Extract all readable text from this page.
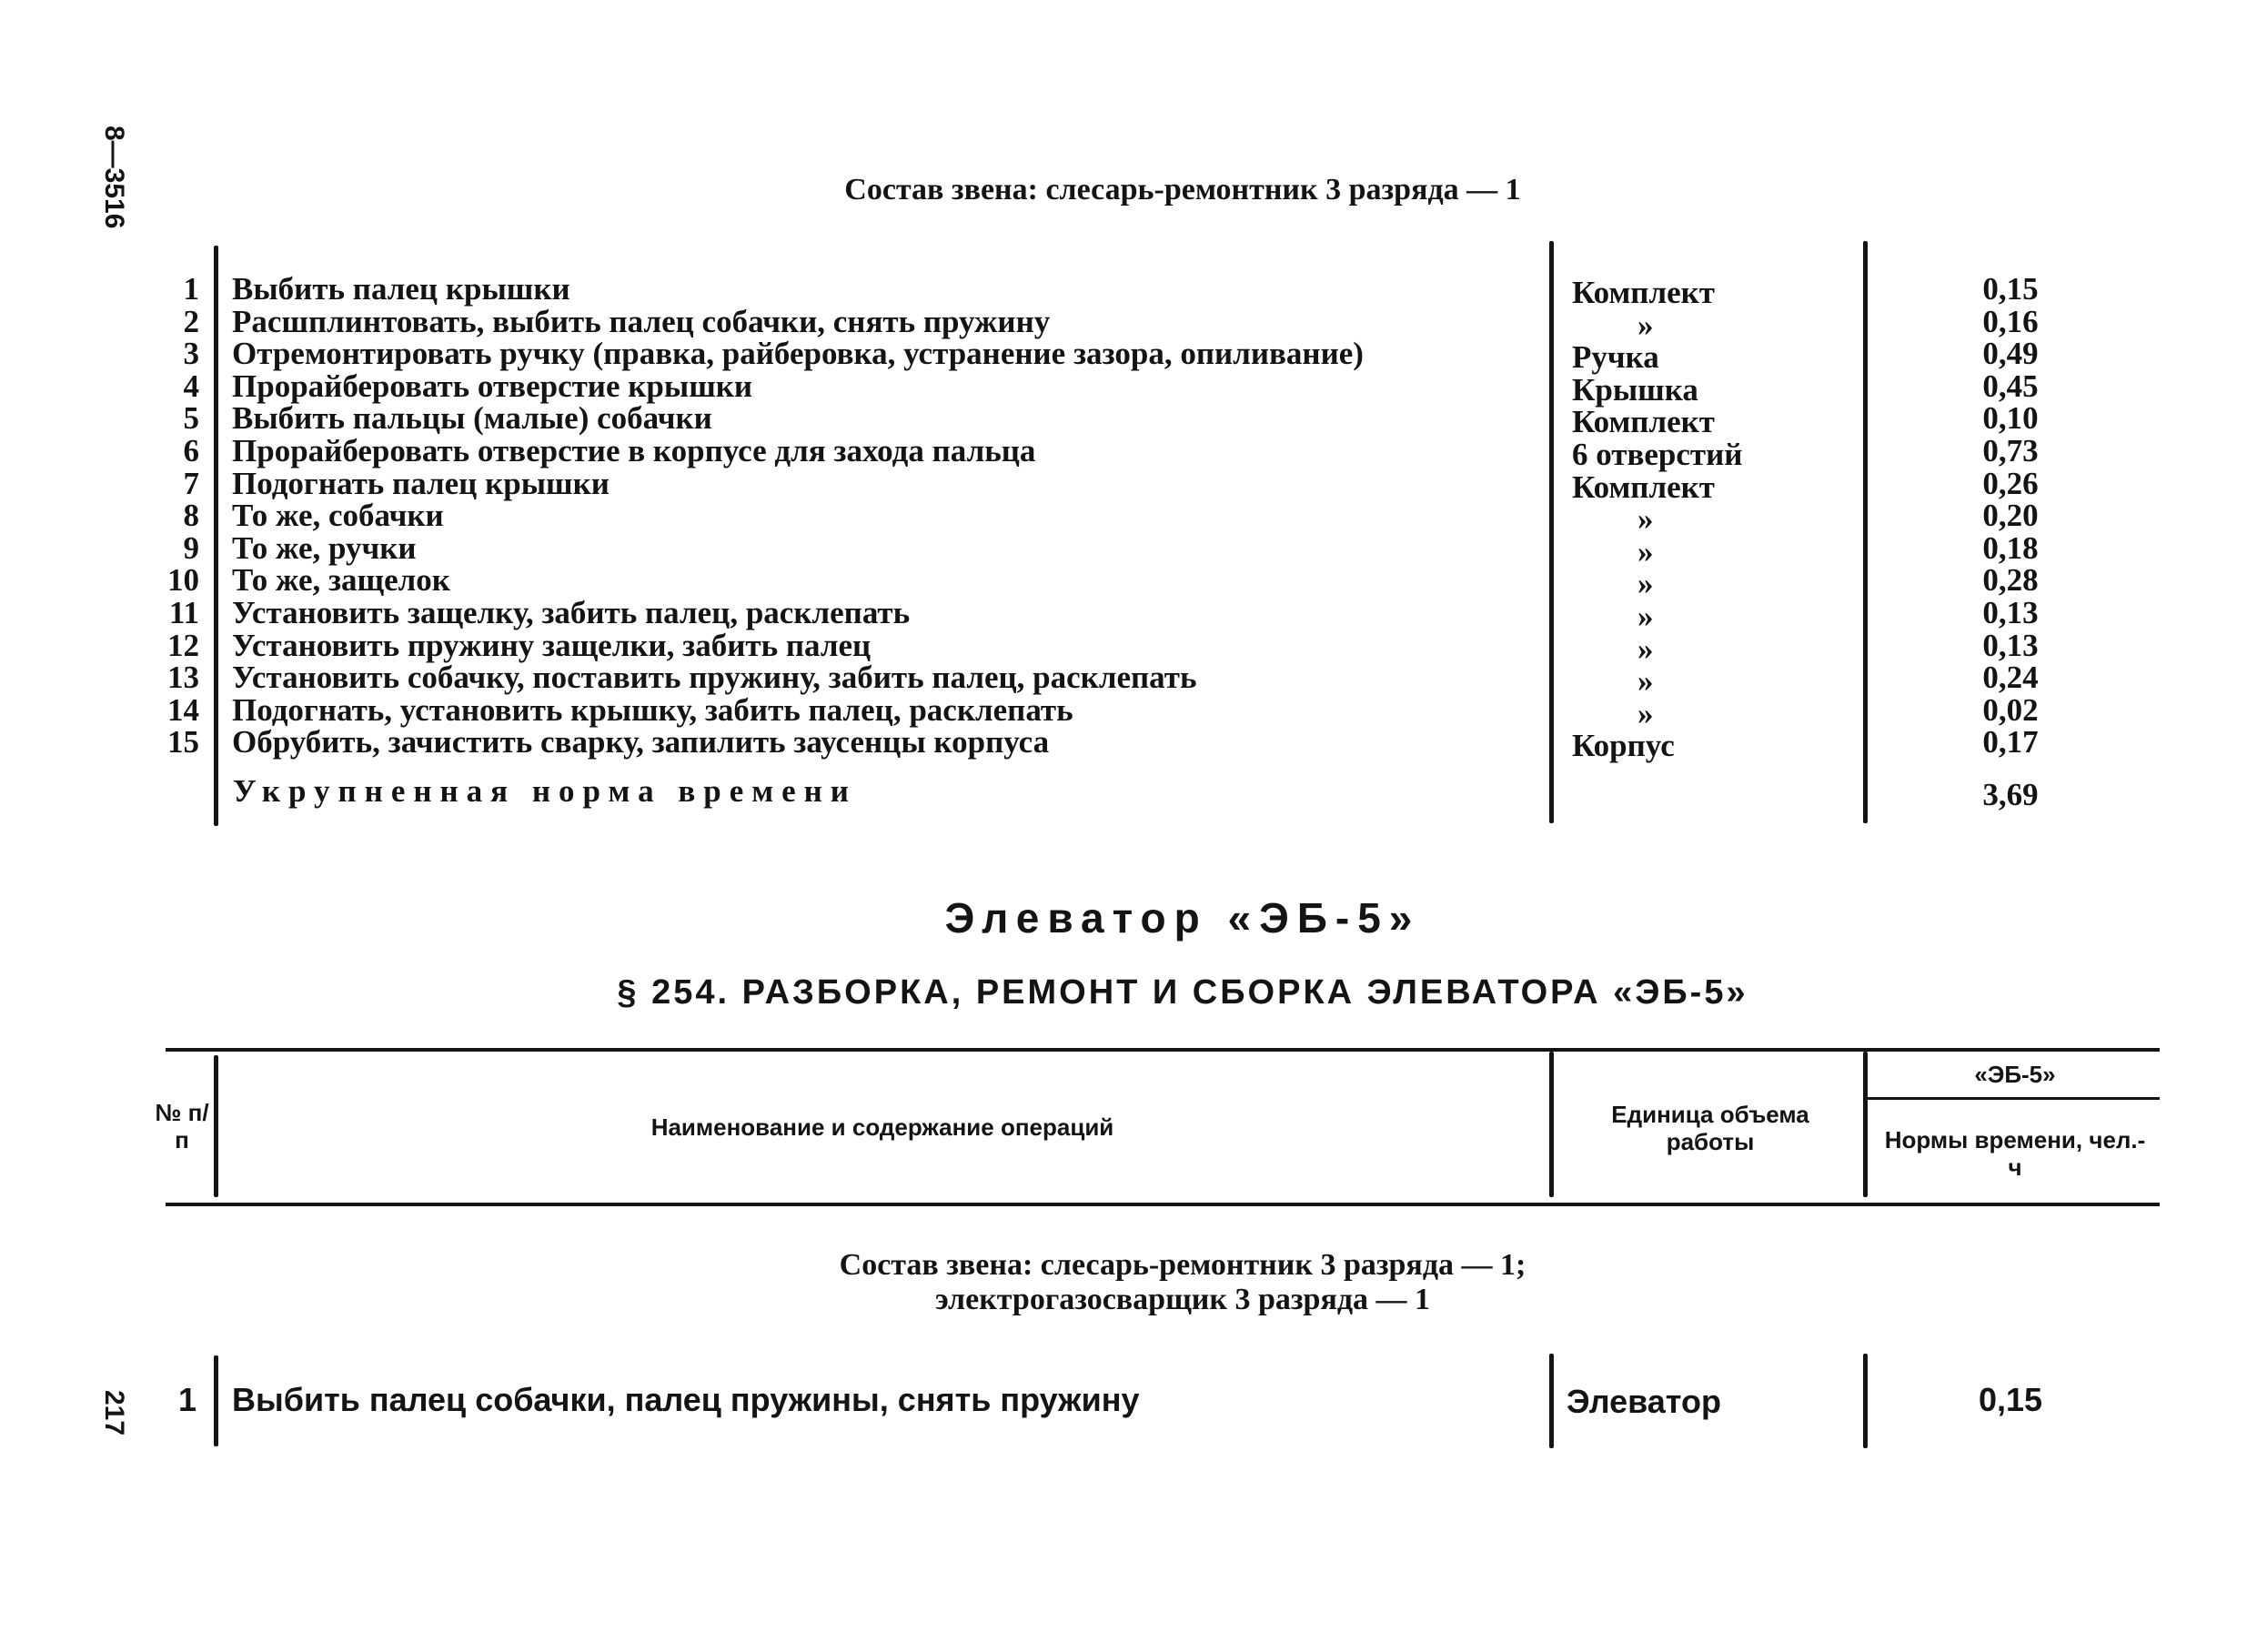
8—3516
217
Состав звена: слесарь-ремонтник 3 разряда — 1
1 Выбить палец крышки	Комплект	0,15
2 Расшплинтовать, выбить палец собачки, снять пружину	»	0,16
3 Отремонтировать ручку (правка, райберовка, устранение зазора, опиливание)	Ручка	0,49
4 Прорайберовать отверстие крышки	Крышка	0,45
5 Выбить пальцы (малые) собачки	Комплект	0,10
6 Прорайберовать отверстие в корпусе для захода пальца	6 отверстий	0,73
7 Подогнать палец крышки	Комплект	0,26
8 То же, собачки	»	0,20
9 То же, ручки	»	0,18
10 То же, защелок	»	0,28
11 Установить защелку, забить палец, расклепать	»	0,13
12 Установить пружину защелки, забить палец	»	0,13
13 Установить собачку, поставить пружину, забить палец, расклепать	»	0,24
14 Подогнать, установить крышку, забить палец, расклепать	»	0,02
15 Обрубить, зачистить сварку, запилить заусенцы корпуса	Корпус	0,17
Укрупненная норма времени	3,69
Элеватор «ЭБ-5»
§ 254. РАЗБОРКА, РЕМОНТ И СБОРКА ЭЛЕВАТОРА «ЭБ-5»
№ п/п	Наименование и содержание операций	Единица объема работы
«ЭБ-5»
Нормы времени, чел.-ч
Состав звена: слесарь-ремонтник 3 разряда — 1;
электрогазосварщик 3 разряда — 1
1 Выбить палец собачки, палец пружины, снять пружину	Элеватор	0,15
